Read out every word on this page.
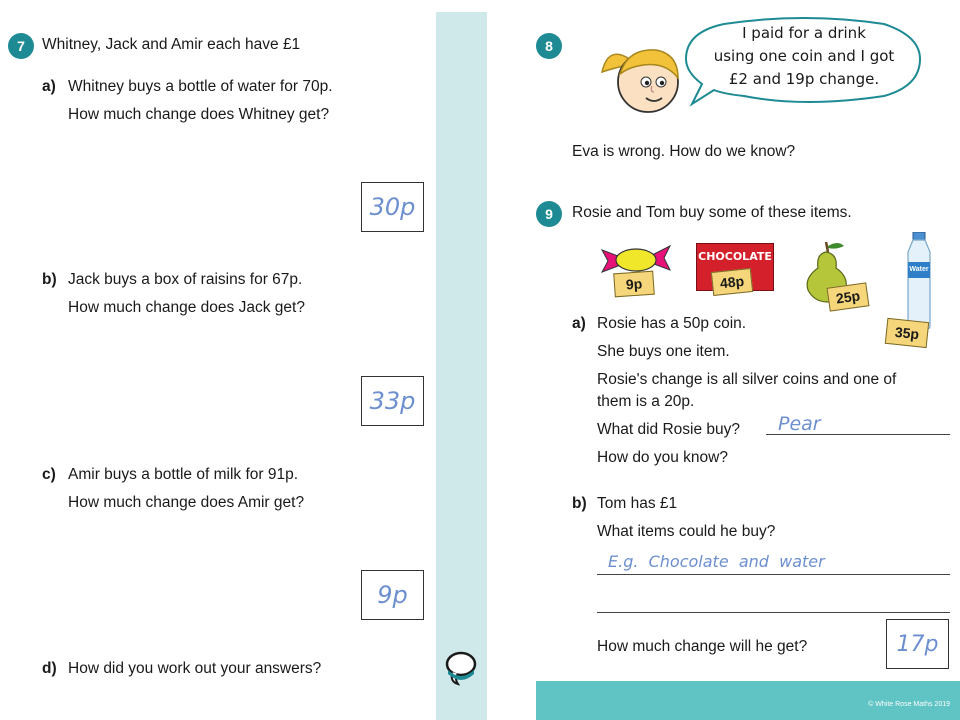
7	Whitney, Jack and Amir each have £1
a) Whitney buys a bottle of water for 70p.
How much change does Whitney get?
30p
b) Jack buys a box of raisins for 67p.
How much change does Jack get?
33p
c) Amir buys a bottle of milk for 91p.
How much change does Amir get?
9p
d) How did you work out your answers?
8
I paid for a drink
using one coin and I got
£2 and 19p change.
Eva is wrong. How do we know?
9	Rosie and Tom buy some of these items.
9p
CHOCOLATE
48p
25p
Water
35p
a) Rosie has a 50p coin.
She buys one item.
Rosie's change is all silver coins and one of
them is a 20p.
What did Rosie buy? Pear
How do you know?
b) Tom has £1
What items could he buy?
E.g.  Chocolate  and  water
How much change will he get?	17p
© White Rose Maths 2019
